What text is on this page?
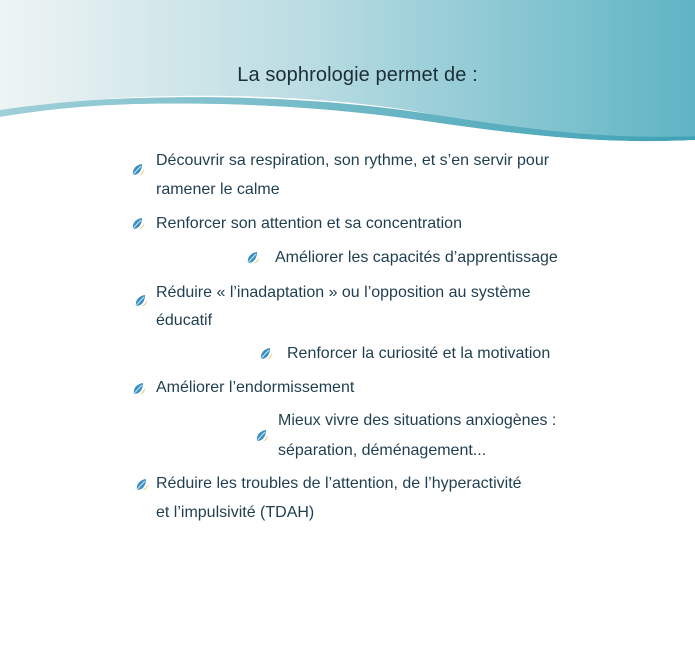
La sophrologie permet de :
Découvrir sa respiration, son rythme, et s’en servir pour
ramener le calme
Renforcer son attention et sa concentration
Améliorer les capacités d’apprentissage
Réduire « l’inadaptation » ou l’opposition au système
éducatif
Renforcer la curiosité et la motivation
Améliorer l’endormissement
Mieux vivre des situations anxiogènes :
séparation, déménagement...
Réduire les troubles de l’attention, de l’hyperactivité
et l’impulsivité (TDAH)
